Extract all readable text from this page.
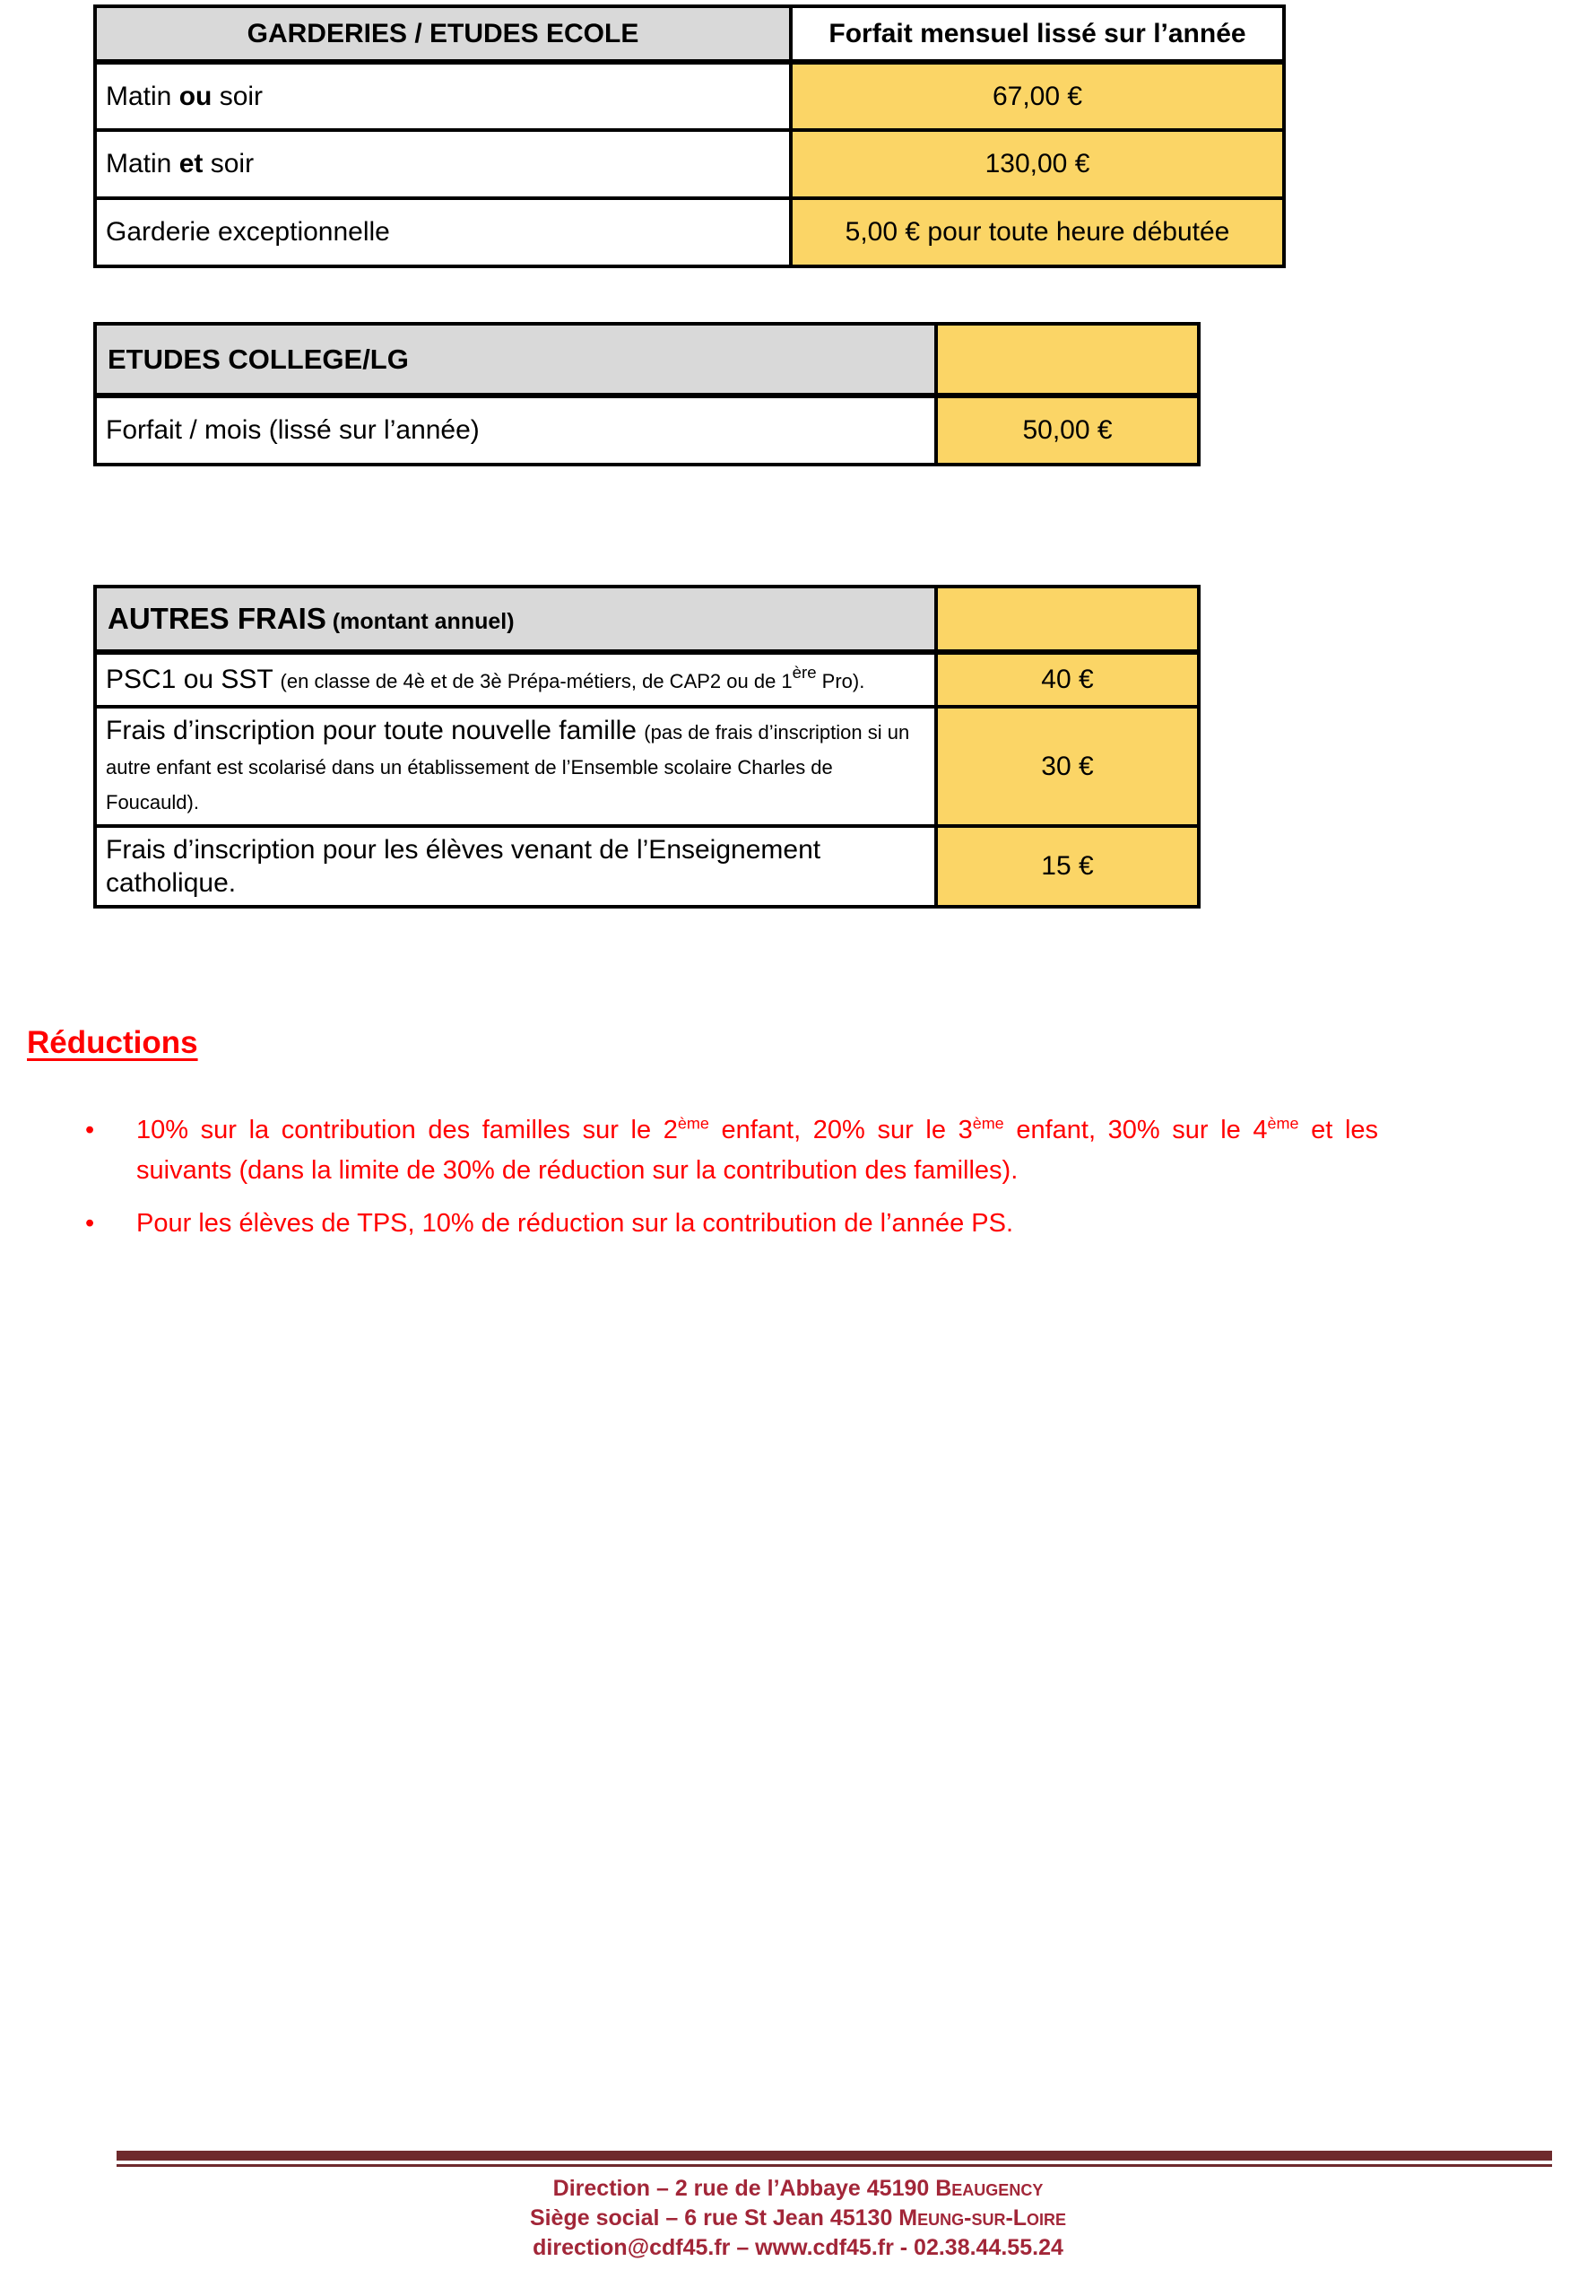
GARDERIES / ETUDES ECOLE	Forfait mensuel lissé sur l’année
Matin ou soir	67,00 €
Matin et soir	130,00 €
Garderie exceptionnelle	5,00 € pour toute heure débutée
ETUDES COLLEGE/LG	
Forfait / mois (lissé sur l’année)	50,00 €
AUTRES FRAIS (montant annuel)	
PSC1 ou SST (en classe de 4è et de 3è Prépa-métiers, de CAP2 ou de 1ère Pro).	40 €
Frais d’inscription pour toute nouvelle famille (pas de frais d’inscription si un autre enfant est scolarisé dans un établissement de l’Ensemble scolaire Charles de Foucauld).	30 €
Frais d’inscription pour les élèves venant de l’Enseignement catholique.	15 €
Réductions
•	10% sur la contribution des familles sur le 2ème enfant, 20% sur le 3ème enfant, 30% sur le 4ème et les suivants (dans la limite de 30% de réduction sur la contribution des familles).

•	Pour les élèves de TPS, 10% de réduction sur la contribution de l’année PS.

Direction – 2 rue de l’Abbaye 45190 Beaugency

Siège social – 6 rue St Jean 45130 Meung-sur-Loire

direction@cdf45.fr – www.cdf45.fr - 02.38.44.55.24
